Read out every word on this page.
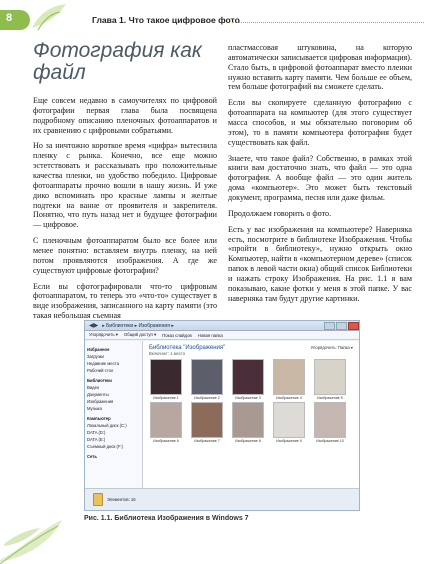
8	Глава 1. Что такое цифровое фото
Фотография как файл

Еще совсем недавно в самоучителях по цифровой фотографии первая глава была посвящена подробному описанию пленочных фотоаппаратов и их сравнению с цифровыми собратьями.

Но за ничтожно короткое время «цифра» вытеснила пленку с рынка. Конечно, все еще можно эстетствовать и рассказывать про положительные качества пленки, но удобство победило. Цифровые фотоаппараты прочно вошли в нашу жизнь. И уже дико вспоминать про красные лампы и желтые подтеки на ванне от проявителя и закрепителя. Понятно, что путь назад нет и будущее фотографии — цифровое.

С пленочным фотоаппаратом было все более или менее понятно: вставляем внутрь пленку, на ней потом проявляются изображения. А где же существуют цифровые фотографии?

Если вы сфотографировали что-то цифровым фотоаппаратом, то теперь это «что-то» существует в виде изображения, записанного на карту памяти (это такая небольшая съемная

пластмассовая штуковина, на которую автоматически записывается цифровая информация). Стало быть, в цифровой фотоаппарат вместо пленки нужно вставить карту памяти. Чем больше ее объем, тем больше фотографий вы сможете сделать.

Если вы скопируете сделанную фотографию с фотоаппарата на компьютер (для этого существует масса способов, и мы обязательно поговорим об этом), то в памяти компьютера фотография будет существовать как файл.

Знаете, что такое файл? Собственно, в рамках этой книги вам достаточно знать, что файл — это одна фотография. А вообще файл — это один житель дома «компьютер». Это может быть текстовый документ, программа, песня или даже фильм.

Продолжаем говорить о фото.

Есть у вас изображения на компьютере? Наверняка есть, посмотрите в библиотеке Изображения. Чтобы «пройти в библиотеку», нужно открыть окно Компьютер, найти в «компьютерном дереве» (список папок в левой части окна) общий список Библиотеки и нажать строку Изображения. На рис. 1.1 я вам показываю, какие фотки у меня в этой папке. У вас наверняка там будут другие картинки.

◀▶ ▸ Библиотеки ▸ Изображения ▸
Упорядочить ▾ Общий доступ ▾ Показ слайдов Новая папка
Избранное
Загрузки
Недавние места
Рабочий стол
Библиотеки
Видео
Документы
Изображения
Музыка
Компьютер
Локальный диск (C:)
DATA (D:)
DATA (E:)
Съемный диск (F:)
Сеть
Библиотека "Изображения"
Включает: 1 место
Упорядочить: Папка ▾
Изображение 1	Изображение 2	Изображение 3	Изображение 4	Изображение 5
Изображение 6	Изображение 7	Изображение 8	Изображение 9	Изображение 10
Элементов: 16
Рис. 1.1. Библиотека Изображения в Windows 7
